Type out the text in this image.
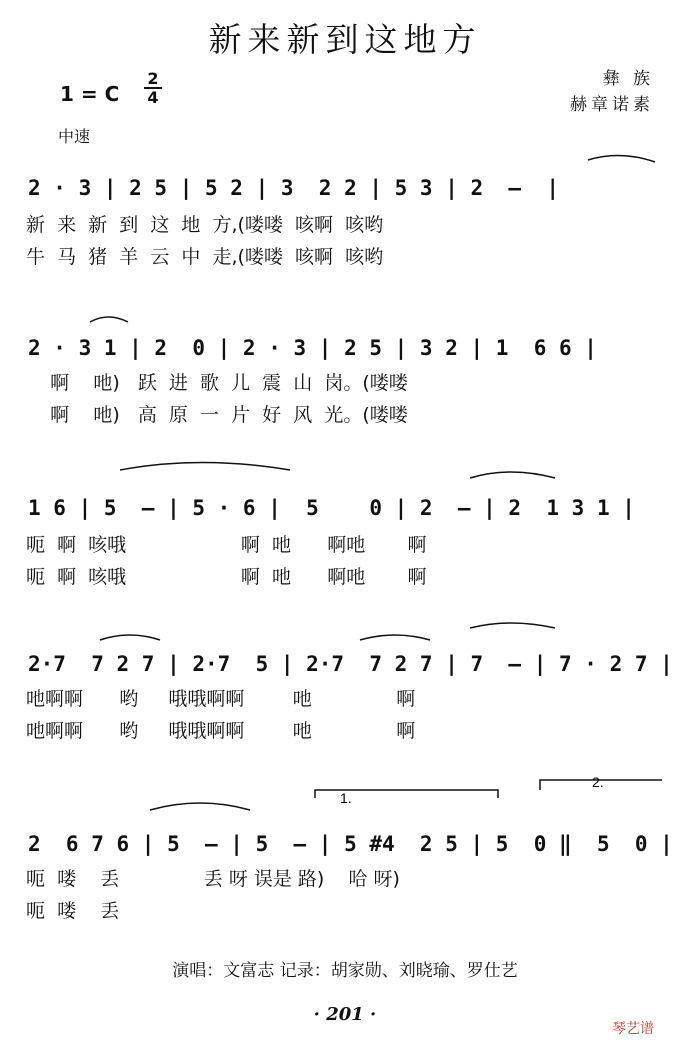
新来新到这地方
1 = C
2
4
中速
彝 族
赫章诺素
2 · 3 | 2 5 | 5 2 | 3  2 2 | 5 3 | 2  –  |
新  来  新  到  这  地  方,(喽喽  咳啊  咳哟
牛  马  猪  羊  云  中  走,(喽喽  咳啊  咳哟
2 · 3 1 | 2  0 | 2 · 3 | 2 5 | 3 2 | 1  6 6 |
啊    吔)   跃  进  歌  儿  震  山  岗。(喽喽
啊    吔)   高  原  一  片  好  风  光。(喽喽
1 6 | 5  – | 5 · 6 |  5    0 | 2  – | 2  1 3 1 |
呃  啊  咳哦                   啊  吔      啊吔       啊
呃  啊  咳哦                   啊  吔      啊吔       啊
2·7  7 2 7 | 2·7  5 | 2·7  7 2 7 | 7  – | 7 · 2 7 |
吔啊啊      哟     哦哦啊啊        吔              啊
吔啊啊      哟     哦哦啊啊        吔              啊
2  6 7 6 | 5  – | 5  – | 5 #4  2 5 | 5  0 ‖  5  0 |
呃  喽    丢              丢 呀 误是 路)    哈 呀)
呃  喽    丢
1.
2.
演唱：文富志 记录：胡家勋、刘晓瑜、罗仕艺
· 201 ·
琴艺谱
